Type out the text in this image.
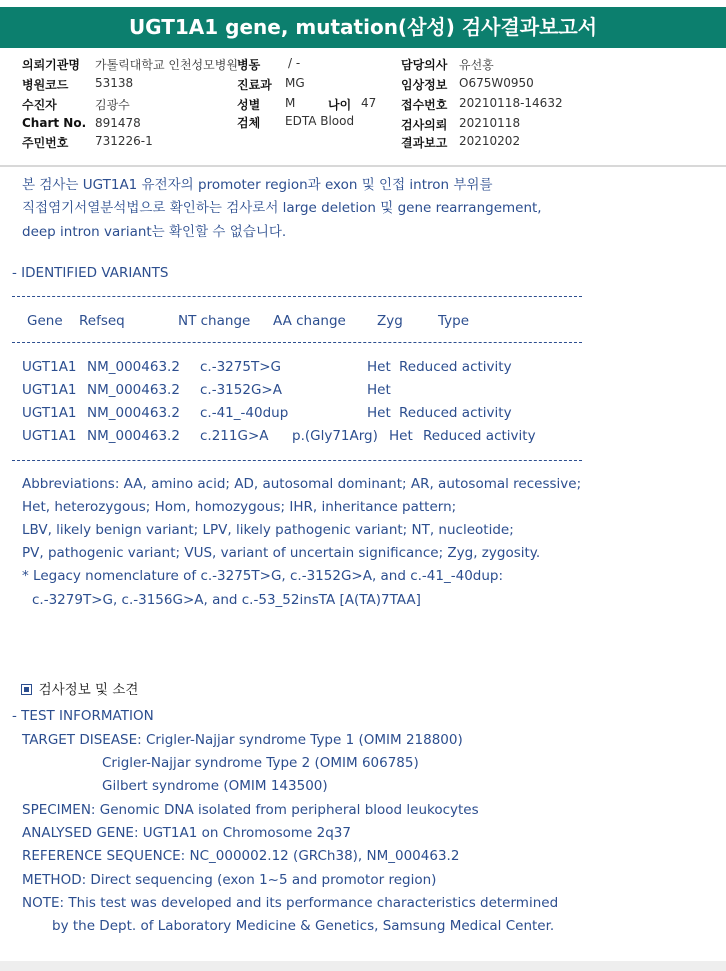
UGT1A1 gene, mutation(삼성) 검사결과보고서
의뢰기관명 가톨릭대학교 인천성모병원 병동 / -	담당의사 유선홍
병원코드 53138	진료과 MG	임상정보 O675W0950
수진자	김광수	성별 M	나이 47 접수번호 20210118-14632
Chart No. 891478	검체 EDTA Blood	검사의뢰 20210118
주민번호 731226-1	결과보고 20210202
본 검사는 UGT1A1 유전자의 promoter region과 exon 및 인접 intron 부위를
직접염기서열분석법으로 확인하는 검사로서 large deletion 및 gene rearrangement,
deep intron variant는 확인할 수 없습니다.
- IDENTIFIED VARIANTS
Gene Refseq	NT change AA change Zyg	Type
UGT1A1 NM_000463.2 c.-3275T>G	Het Reduced activity
UGT1A1 NM_000463.2 c.-3152G>A	Het
UGT1A1 NM_000463.2 c.-41_-40dup	Het Reduced activity
UGT1A1 NM_000463.2 c.211G>A p.(Gly71Arg) Het Reduced activity
Abbreviations: AA, amino acid; AD, autosomal dominant; AR, autosomal recessive;
Het, heterozygous; Hom, homozygous; IHR, inheritance pattern;
LBV, likely benign variant; LPV, likely pathogenic variant; NT, nucleotide;
PV, pathogenic variant; VUS, variant of uncertain significance; Zyg, zygosity.
* Legacy nomenclature of c.-3275T>G, c.-3152G>A, and c.-41_-40dup:
c.-3279T>G, c.-3156G>A, and c.-53_52insTA [A(TA)7TAA]

검사정보 및 소견

- TEST INFORMATION
TARGET DISEASE: Crigler-Najjar syndrome Type 1 (OMIM 218800)
Crigler-Najjar syndrome Type 2 (OMIM 606785)
Gilbert syndrome (OMIM 143500)
SPECIMEN: Genomic DNA isolated from peripheral blood leukocytes
ANALYSED GENE: UGT1A1 on Chromosome 2q37
REFERENCE SEQUENCE: NC_000002.12 (GRCh38), NM_000463.2
METHOD: Direct sequencing (exon 1~5 and promotor region)
NOTE: This test was developed and its performance characteristics determined
by the Dept. of Laboratory Medicine & Genetics, Samsung Medical Center.
